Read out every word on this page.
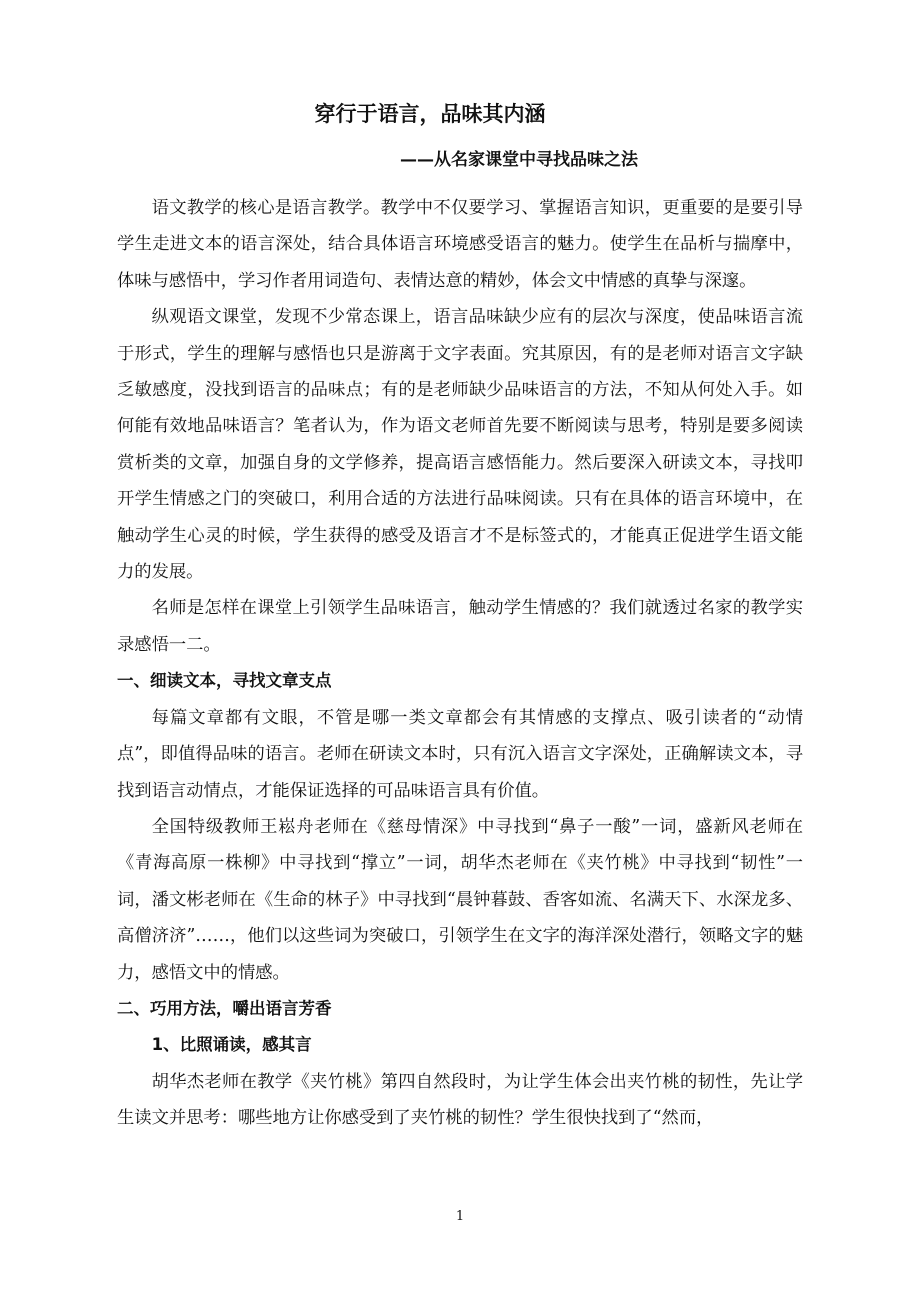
穿行于语言，品味其内涵
——从名家课堂中寻找品味之法

语文教学的核心是语言教学。教学中不仅要学习、掌握语言知识，更重要的是要引导学生走进文本的语言深处，结合具体语言环境感受语言的魅力。使学生在品析与揣摩中，体味与感悟中，学习作者用词造句、表情达意的精妙，体会文中情感的真挚与深邃。

纵观语文课堂，发现不少常态课上，语言品味缺少应有的层次与深度，使品味语言流于形式，学生的理解与感悟也只是游离于文字表面。究其原因，有的是老师对语言文字缺乏敏感度，没找到语言的品味点；有的是老师缺少品味语言的方法，不知从何处入手。如何能有效地品味语言？笔者认为，作为语文老师首先要不断阅读与思考，特别是要多阅读赏析类的文章，加强自身的文学修养，提高语言感悟能力。然后要深入研读文本，寻找叩开学生情感之门的突破口，利用合适的方法进行品味阅读。只有在具体的语言环境中，在触动学生心灵的时候，学生获得的感受及语言才不是标签式的，才能真正促进学生语文能力的发展。

名师是怎样在课堂上引领学生品味语言，触动学生情感的？我们就透过名家的教学实录感悟一二。

一、细读文本，寻找文章支点

每篇文章都有文眼，不管是哪一类文章都会有其情感的支撑点、吸引读者的“动情点”，即值得品味的语言。老师在研读文本时，只有沉入语言文字深处，正确解读文本，寻找到语言动情点，才能保证选择的可品味语言具有价值。

全国特级教师王崧舟老师在《慈母情深》中寻找到“鼻子一酸”一词，盛新风老师在《青海高原一株柳》中寻找到“撑立”一词，胡华杰老师在《夹竹桃》中寻找到“韧性”一词，潘文彬老师在《生命的林子》中寻找到“晨钟暮鼓、香客如流、名满天下、水深龙多、高僧济济”……，他们以这些词为突破口，引领学生在文字的海洋深处潜行，领略文字的魅力，感悟文中的情感。

二、巧用方法，嚼出语言芳香
1、比照诵读，感其言

胡华杰老师在教学《夹竹桃》第四自然段时，为让学生体会出夹竹桃的韧性，先让学生读文并思考：哪些地方让你感受到了夹竹桃的韧性？学生很快找到了“然而，

1
